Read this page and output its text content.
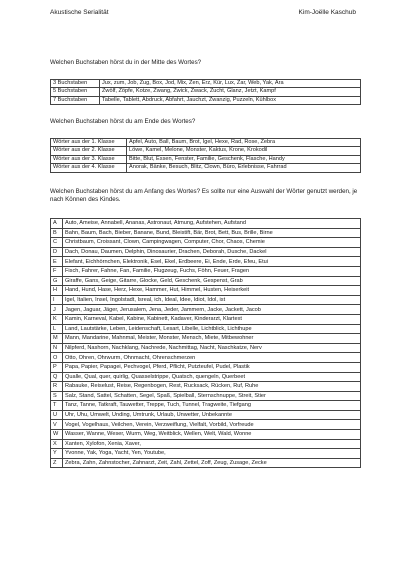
Akustische Serialität	Kim-Joëlle Kaschub
Welchen Buchstaben hörst du in der Mitte des Wortes?
3 Buchstaben	Jux, zum, Job, Zug, Box, Jod, Mix, Zen, Erz, Kür, Lux, Zar, Web, Yak, Ära
5 Buchstaben	Zwölf, Zöpfe, Kotze, Zwang, Zwick, Zwack, Zucht, Glanz, Jetzt, Kampf
7 Buchstaben	Tabelle, Tablett, Abdruck, Abfahrt, Jauchzt, Zwanzig, Puzzeln, Kühlbox
Welchen Buchstaben hörst du am Ende des Wortes?
Wörter aus der 1. Klasse	Apfel, Auto, Ball, Baum, Brot, Igel, Hexe, Rad, Rose, Zebra
Wörter aus der 2. Klasse	Löwe, Kamel, Melone, Monster, Kaktus, Krone, Krokodil
Wörter aus der 3. Klasse	Bitte, Blut, Essen, Fenster, Familie, Geschenk, Flasche, Handy
Wörter aus der 4. Klasse	Anorak, Bänke, Besuch, Blitz, Clown, Büro, Erlebnisse, Fahrrad
Welchen Buchstaben hörst du am Anfang des Wortes? Es sollte nur eine Auswahl der Wörter genutzt werden, je nach Können des Kindes.
A	Auto, Ameise, Annabell, Ananas, Astronaut, Atmung, Aufstehen, Aufstand
B	Bahn, Baum, Bach, Bieber, Banane, Bund, Bleistift, Bär, Brot, Bett, Bus, Brille, Birne
C	Christbaum, Croissant, Clown, Campingwagen, Computer, Chor, Chaos, Chemie
D	Dach, Donau, Daumen, Delphin, Dinosaurier, Drachen, Deborah, Dusche, Dackel
E	Elefant, Eichhörnchen, Elektronik, Esel, Ekel, Erdbeere, Ei, Ende, Erde, Efeu, Etui
F	Fisch, Fahrer, Fahne, Fan, Familie, Flugzeug, Fuchs, Föhn, Feuer, Fragen
G	Giraffe, Gans, Geige, Gitarre, Glocke, Geld, Geschenk, Gespenst, Grab
H	Hand, Hund, Hase, Herz, Hexe, Hammer, Hut, Himmel, Husten, Heiserkeit
I	Igel, Italien, Insel, Ingolstadt, Isreal, ich, Ideal, Idee, Idiot, Idol, ist
J	Jagen, Jaguar, Jäger, Jerusalem, Jena, Jeder, Jammern, Jacke, Jackett, Jacob
K	Kamin, Karneval, Kabel, Kabine, Kabinett, Kadaver, Kinderarzt, Klartext
L	Land, Lautstärke, Leben, Leidenschaft, Lesart, Libelle, Lichtblick, Lichthupe
M	Mann, Mandarine, Mahnmal, Meister, Monster, Mensch, Miete, Mitbewohner
N	Nilpferd, Nashorn, Nachklang, Nachrede, Nachmittag, Nacht, Naschkatze, Nerv
O	Otto, Ohren, Ohrwurm, Ohnmacht, Ohrenschmerzen
P	Papa, Papier, Papagei, Pechvogel, Pferd, Pflicht, Putzteufel, Pudel, Plastik
Q	Qualle, Qual, quer, quirlig, Quasselstrippe, Quatsch, quengeln, Querbeet
R	Rabauke, Reiselust, Reise, Regenbogen, Rest, Rucksack, Rücken, Ruf, Ruhe
S	Salz, Stand, Sattel, Schatten, Segel, Spaß, Spielball, Sternschnuppe, Streit, Stier
T	Tanz, Tanne, Tatkraft, Tauwetter, Treppe, Tuch, Tunnel, Tragweite, Tiefgang
U	Uhr, Uhu, Umwelt, Unding, Umtrunk, Urlaub, Unwetter, Unbekannte
V	Vogel, Vogelhaus, Veilchen, Verein, Verzweiflung, Vielfalt, Vorbild, Vorfreude
W	Wasser, Wanne, Weser, Wurm, Weg, Weitblick, Wellen, Welt, Wald, Wonne
X	Xanten, Xylofon, Xenia, Xaver,
Y	Yvonne, Yak, Yoga, Yacht, Yen, Youtube,
Z	Zebra, Zahn, Zahnstocher, Zahnarzt, Zeit, Zahl, Zettel, Zoff, Zeug, Zusage, Zecke
